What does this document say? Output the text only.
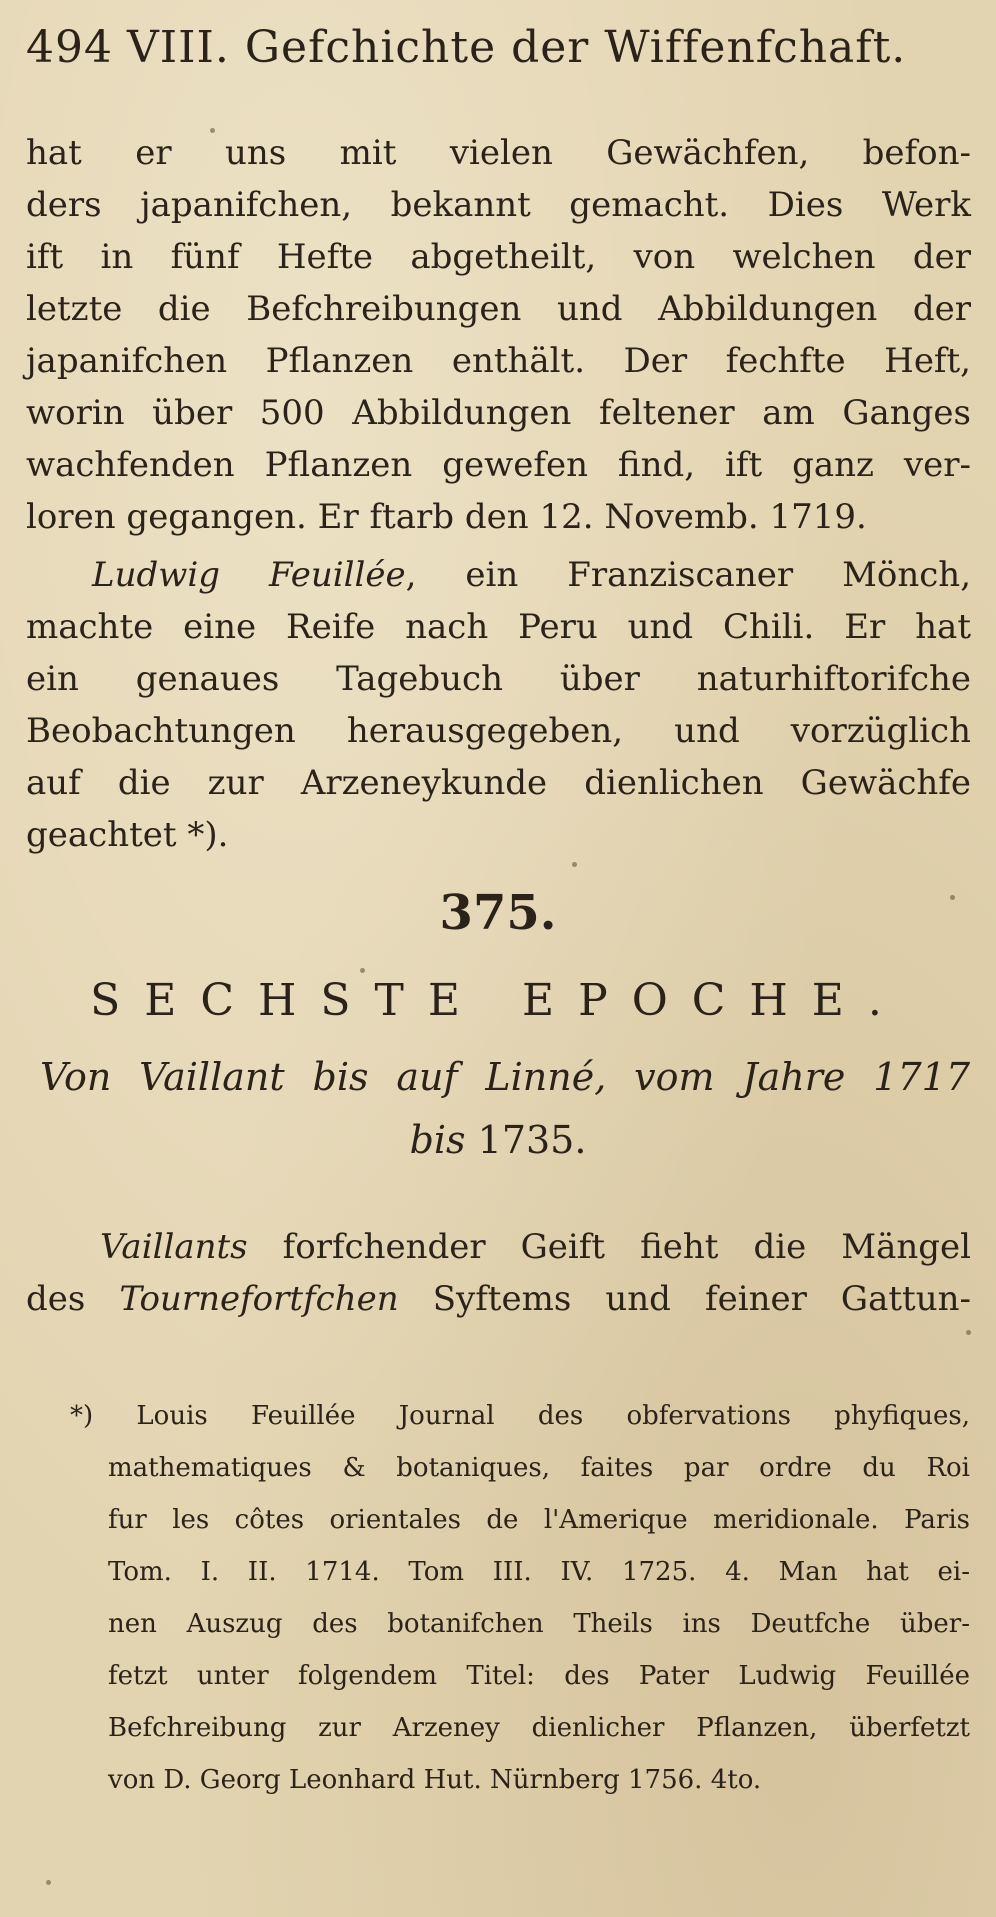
494 VIII. Gefchichte der Wiffenfchaft.
hat er uns mit vielen Gewächfen, befon-
ders japanifchen, bekannt gemacht. Dies Werk
ift in fünf Hefte abgetheilt, von welchen der
letzte die Befchreibungen und Abbildungen der
japanifchen Pflanzen enthält. Der fechfte Heft,
worin über 500 Abbildungen feltener am Ganges
wachfenden Pflanzen gewefen find, ift ganz ver-
loren gegangen. Er ftarb den 12. Novemb. 1719.
Ludwig Feuillée, ein Franziscaner Mönch,
machte eine Reife nach Peru und Chili. Er hat
ein genaues Tagebuch über naturhiftorifche
Beobachtungen herausgegeben, und vorzüglich
auf die zur Arzeneykunde dienlichen Gewächfe
geachtet *).
375.
SECHSTE EPOCHE.
Von Vaillant bis auf Linné, vom Jahre 1717
bis 1735.
Vaillants forfchender Geift fieht die Mängel
des Tournefortfchen Syftems und feiner Gattun-
*) Louis Feuillée Journal des obfervations phyfiques,
mathematiques & botaniques, faites par ordre du Roi
fur les côtes orientales de l'Amerique meridionale. Paris
Tom. I. II. 1714. Tom III. IV. 1725. 4. Man hat ei-
nen Auszug des botanifchen Theils ins Deutfche über-
fetzt unter folgendem Titel: des Pater Ludwig Feuillée
Befchreibung zur Arzeney dienlicher Pflanzen, überfetzt
von D. Georg Leonhard Hut. Nürnberg 1756. 4to.
